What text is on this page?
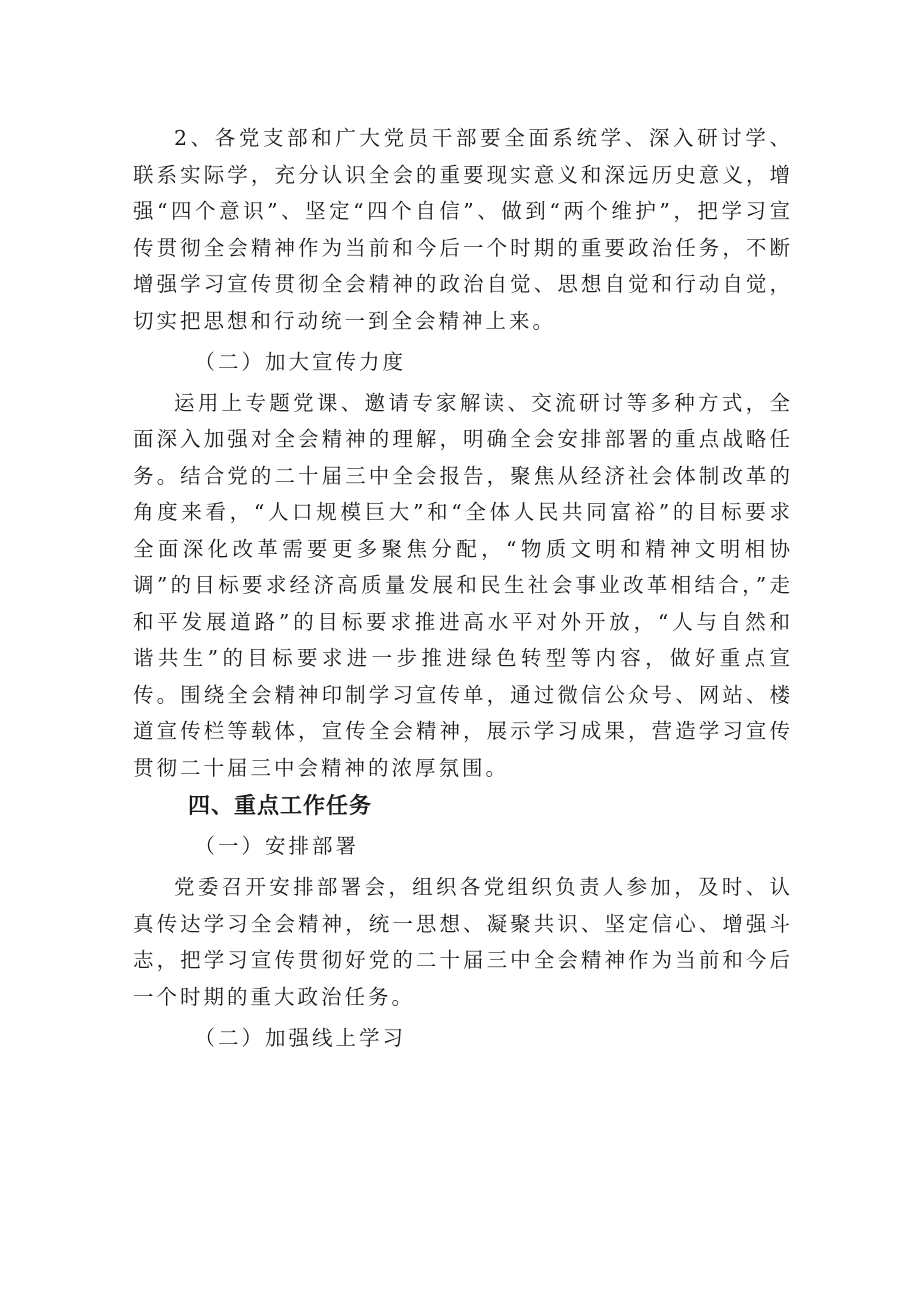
2、各党支部和广大党员干部要全面系统学、深入研讨学、联系实际学，充分认识全会的重要现实意义和深远历史意义，增强“四个意识”、坚定“四个自信”、做到“两个维护”，把学习宣传贯彻全会精神作为当前和今后一个时期的重要政治任务，不断增强学习宣传贯彻全会精神的政治自觉、思想自觉和行动自觉，切实把思想和行动统一到全会精神上来。

（二）加大宣传力度

运用上专题党课、邀请专家解读、交流研讨等多种方式，全面深入加强对全会精神的理解，明确全会安排部署的重点战略任务。结合党的二十届三中全会报告，聚焦从经济社会体制改革的角度来看，“人口规模巨大”和“全体人民共同富裕”的目标要求全面深化改革需要更多聚焦分配，“物质文明和精神文明相协调”的目标要求经济高质量发展和民生社会事业改革相结合，”走和平发展道路”的目标要求推进高水平对外开放，“人与自然和谐共生”的目标要求进一步推进绿色转型等内容，做好重点宣传。围绕全会精神印制学习宣传单，通过微信公众号、网站、楼道宣传栏等载体，宣传全会精神，展示学习成果，营造学习宣传贯彻二十届三中会精神的浓厚氛围。

四、重点工作任务

（一）安排部署

党委召开安排部署会，组织各党组织负责人参加，及时、认真传达学习全会精神，统一思想、凝聚共识、坚定信心、增强斗志，把学习宣传贯彻好党的二十届三中全会精神作为当前和今后一个时期的重大政治任务。

（二）加强线上学习
